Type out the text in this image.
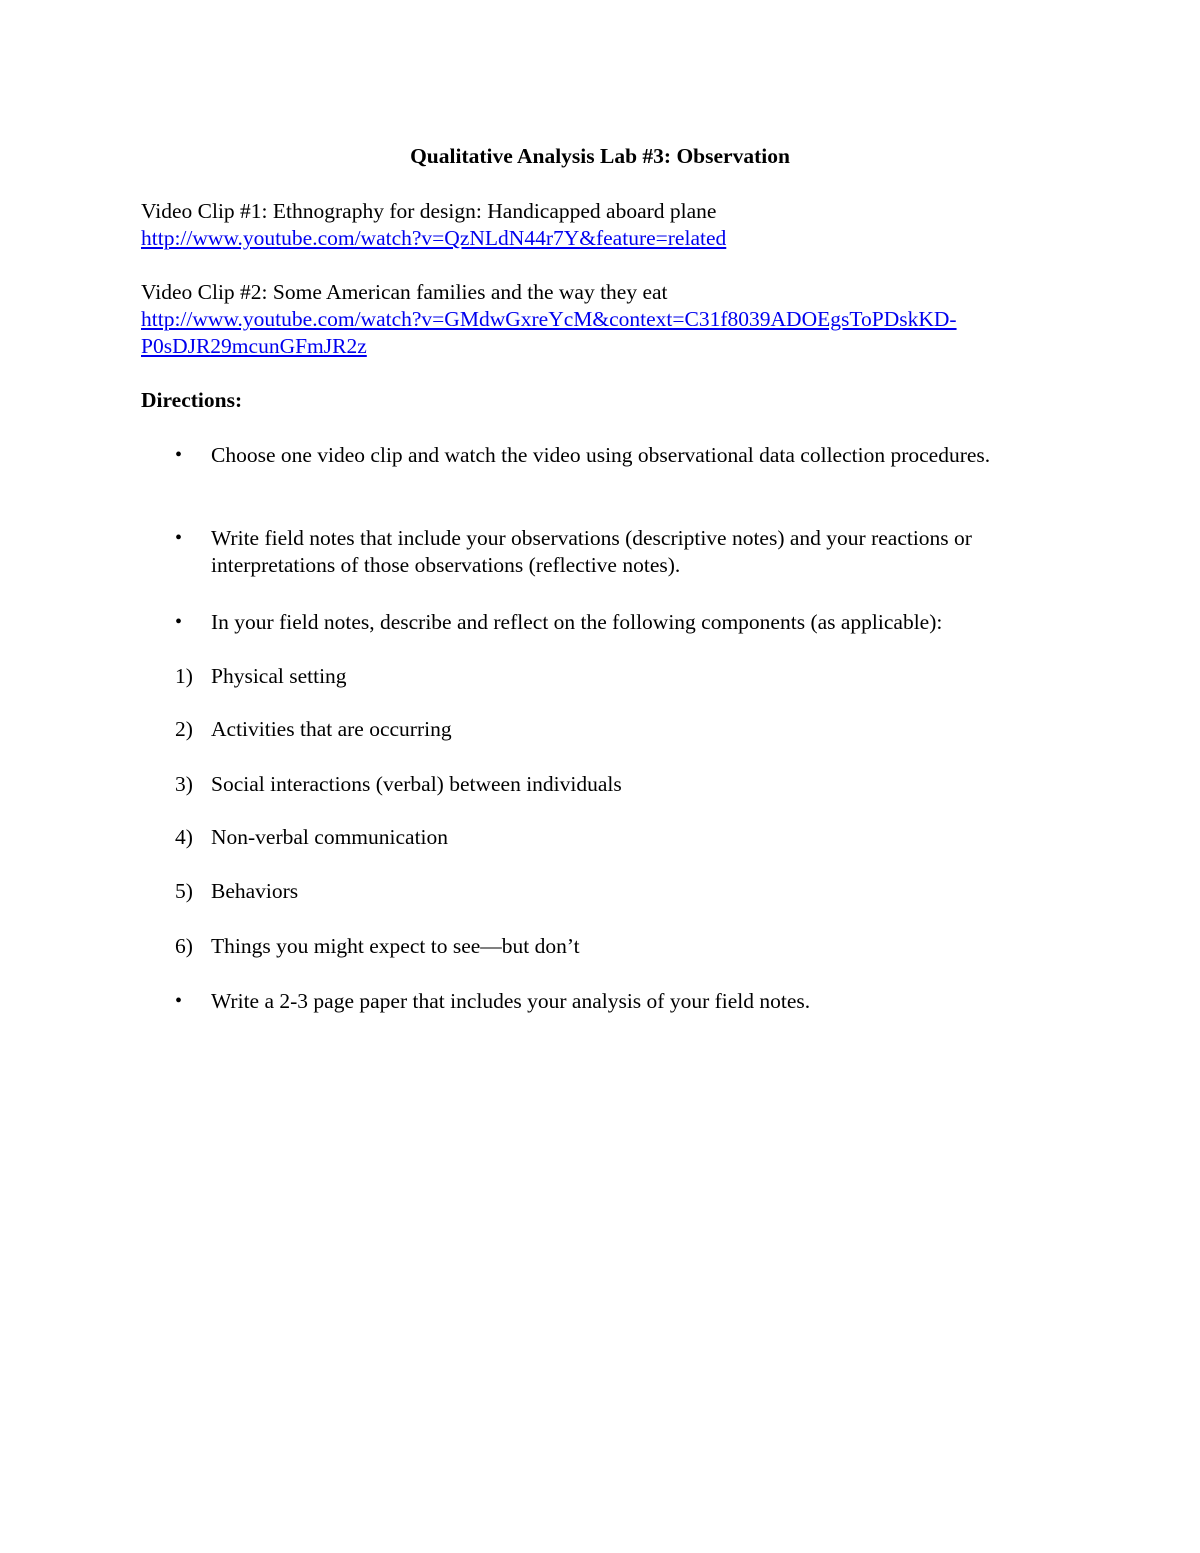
Qualitative Analysis Lab #3: Observation
Video Clip #1: Ethnography for design: Handicapped aboard plane
http://www.youtube.com/watch?v=QzNLdN44r7Y&feature=related
Video Clip #2: Some American families and the way they eat
http://www.youtube.com/watch?v=GMdwGxreYcM&context=C31f8039ADOEgsToPDskKD-
P0sDJR29mcunGFmJR2z
Directions:
•	Choose one video clip and watch the video using observational data collection procedures.
•	Write field notes that include your observations (descriptive notes) and your reactions or interpretations of those observations (reflective notes).
•	In your field notes, describe and reflect on the following components (as applicable):
1) Physical setting
2) Activities that are occurring
3) Social interactions (verbal) between individuals
4) Non-verbal communication
5) Behaviors
6) Things you might expect to see—but don’t
•	Write a 2-3 page paper that includes your analysis of your field notes.
